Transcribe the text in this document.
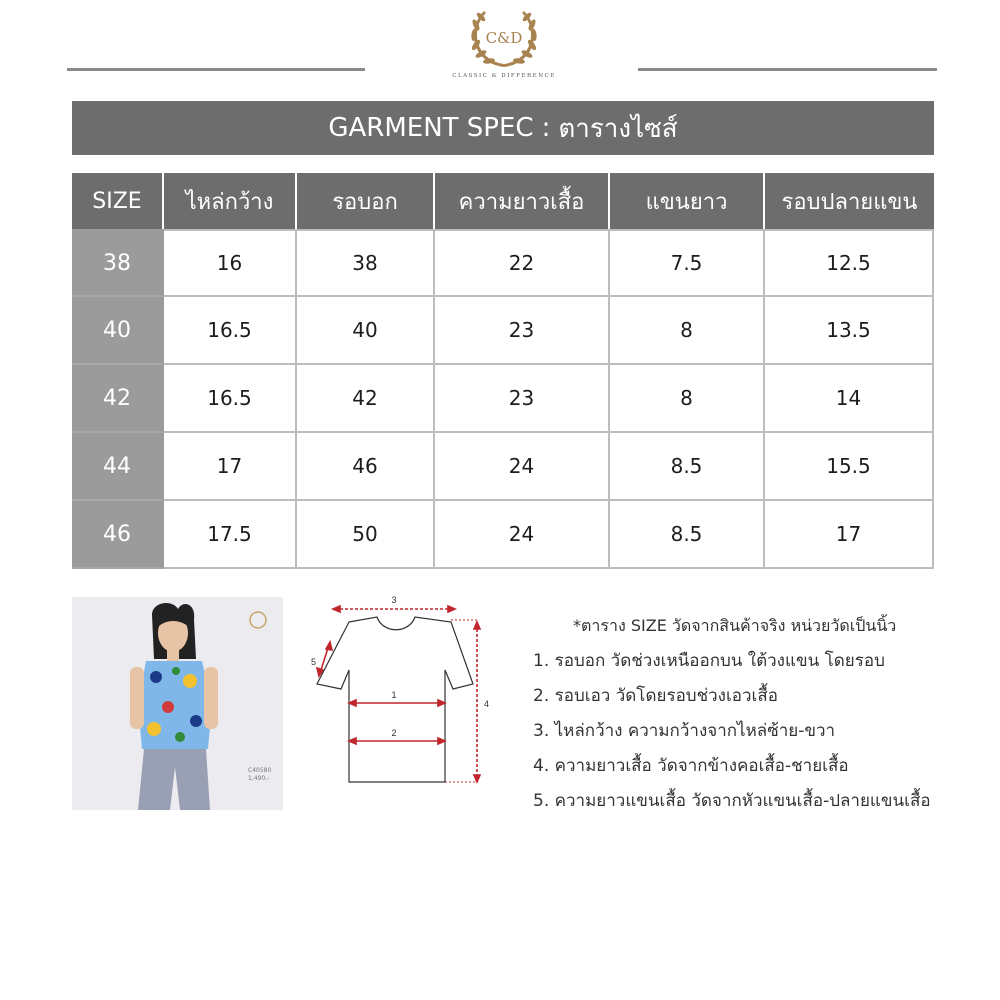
C&D
CLASSIC & DIFFERENCE
GARMENT SPEC : ตารางไซส์
SIZE	ไหล่กว้าง	รอบอก	ความยาวเสื้อ	แขนยาว	รอบปลายแขน
38	16	38	22	7.5	12.5
40	16.5	40	23	8	13.5
42	16.5	42	23	8	14
44	17	46	24	8.5	15.5
46	17.5	50	24	8.5	17
C40580
1,490.-
1
2
3
4
5
*ตาราง SIZE วัดจากสินค้าจริง หน่วยวัดเป็นนิ้ว
1. รอบอก วัดช่วงเหนืออกบน ใต้วงแขน โดยรอบ
2. รอบเอว วัดโดยรอบช่วงเอวเสื้อ
3. ไหล่กว้าง ความกว้างจากไหล่ซ้าย-ขวา
4. ความยาวเสื้อ วัดจากข้างคอเสื้อ-ชายเสื้อ
5. ความยาวแขนเสื้อ วัดจากหัวแขนเสื้อ-ปลายแขนเสื้อ
